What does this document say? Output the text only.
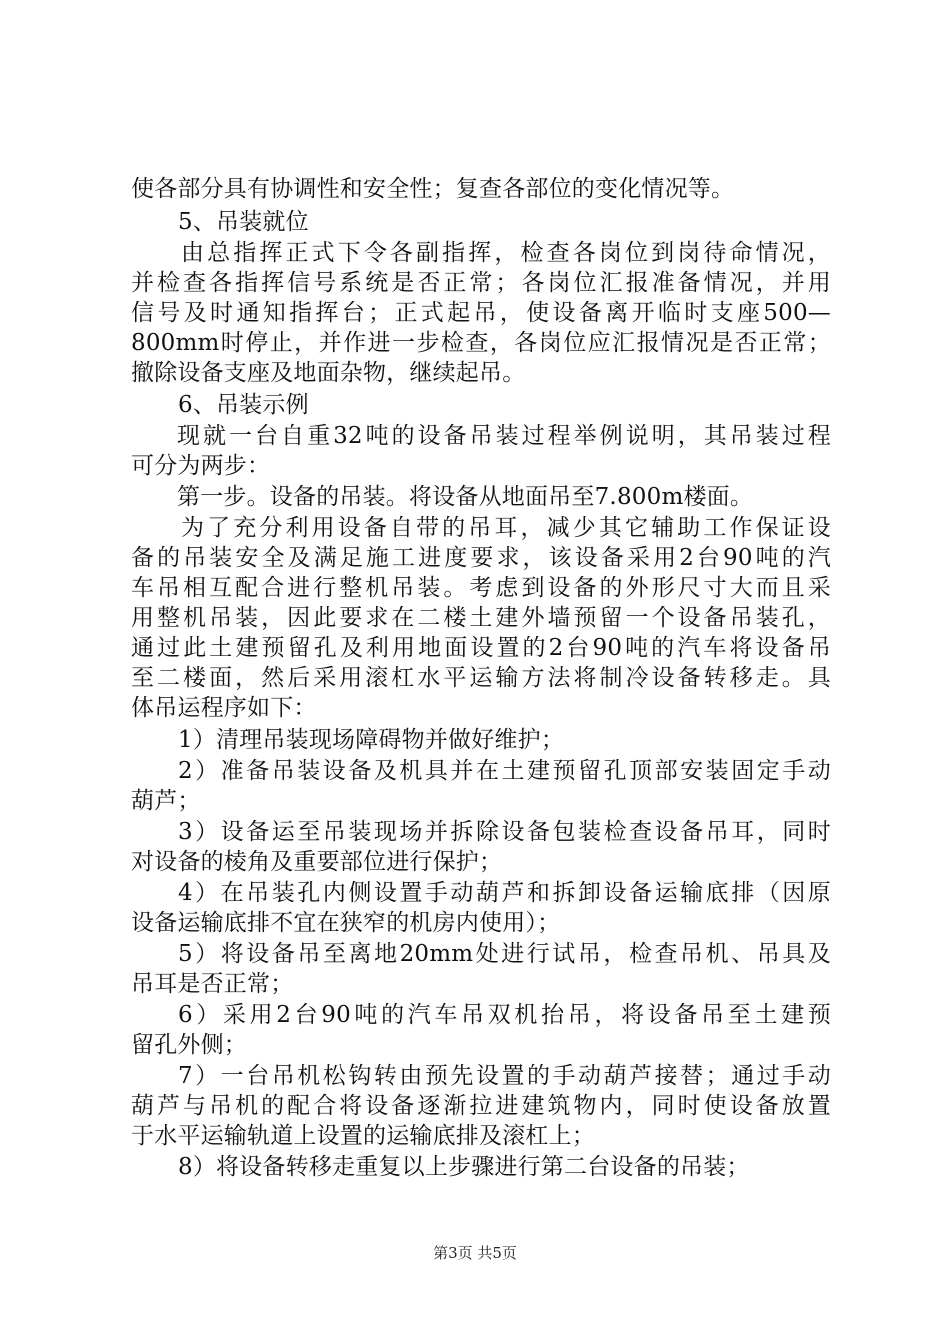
使各部分具有协调性和安全性；复查各部位的变化情况等。
5、吊装就位
由总指挥正式下令各副指挥，检查各岗位到岗待命情况，
并检查各指挥信号系统是否正常；各岗位汇报准备情况，并用
信号及时通知指挥台；正式起吊，使设备离开临时支座500—
800mm时停止，并作进一步检查，各岗位应汇报情况是否正常；
撤除设备支座及地面杂物，继续起吊。
6、吊装示例
现就一台自重32吨的设备吊装过程举例说明，其吊装过程
可分为两步：
第一步。设备的吊装。将设备从地面吊至7.800m楼面。
为了充分利用设备自带的吊耳，减少其它辅助工作保证设
备的吊装安全及满足施工进度要求，该设备采用2台90吨的汽
车吊相互配合进行整机吊装。考虑到设备的外形尺寸大而且采
用整机吊装，因此要求在二楼土建外墙预留一个设备吊装孔，
通过此土建预留孔及利用地面设置的2台90吨的汽车将设备吊
至二楼面，然后采用滚杠水平运输方法将制冷设备转移走。具
体吊运程序如下：
1）清理吊装现场障碍物并做好维护；
2）准备吊装设备及机具并在土建预留孔顶部安装固定手动
葫芦；
3）设备运至吊装现场并拆除设备包装检查设备吊耳，同时
对设备的棱角及重要部位进行保护；
4）在吊装孔内侧设置手动葫芦和拆卸设备运输底排（因原
设备运输底排不宜在狭窄的机房内使用）；
5）将设备吊至离地20mm处进行试吊，检查吊机、吊具及
吊耳是否正常；
6）采用2台90吨的汽车吊双机抬吊，将设备吊至土建预
留孔外侧；
7）一台吊机松钩转由预先设置的手动葫芦接替；通过手动
葫芦与吊机的配合将设备逐渐拉进建筑物内，同时使设备放置
于水平运输轨道上设置的运输底排及滚杠上；
8）将设备转移走重复以上步骤进行第二台设备的吊装；
第3页 共5页
